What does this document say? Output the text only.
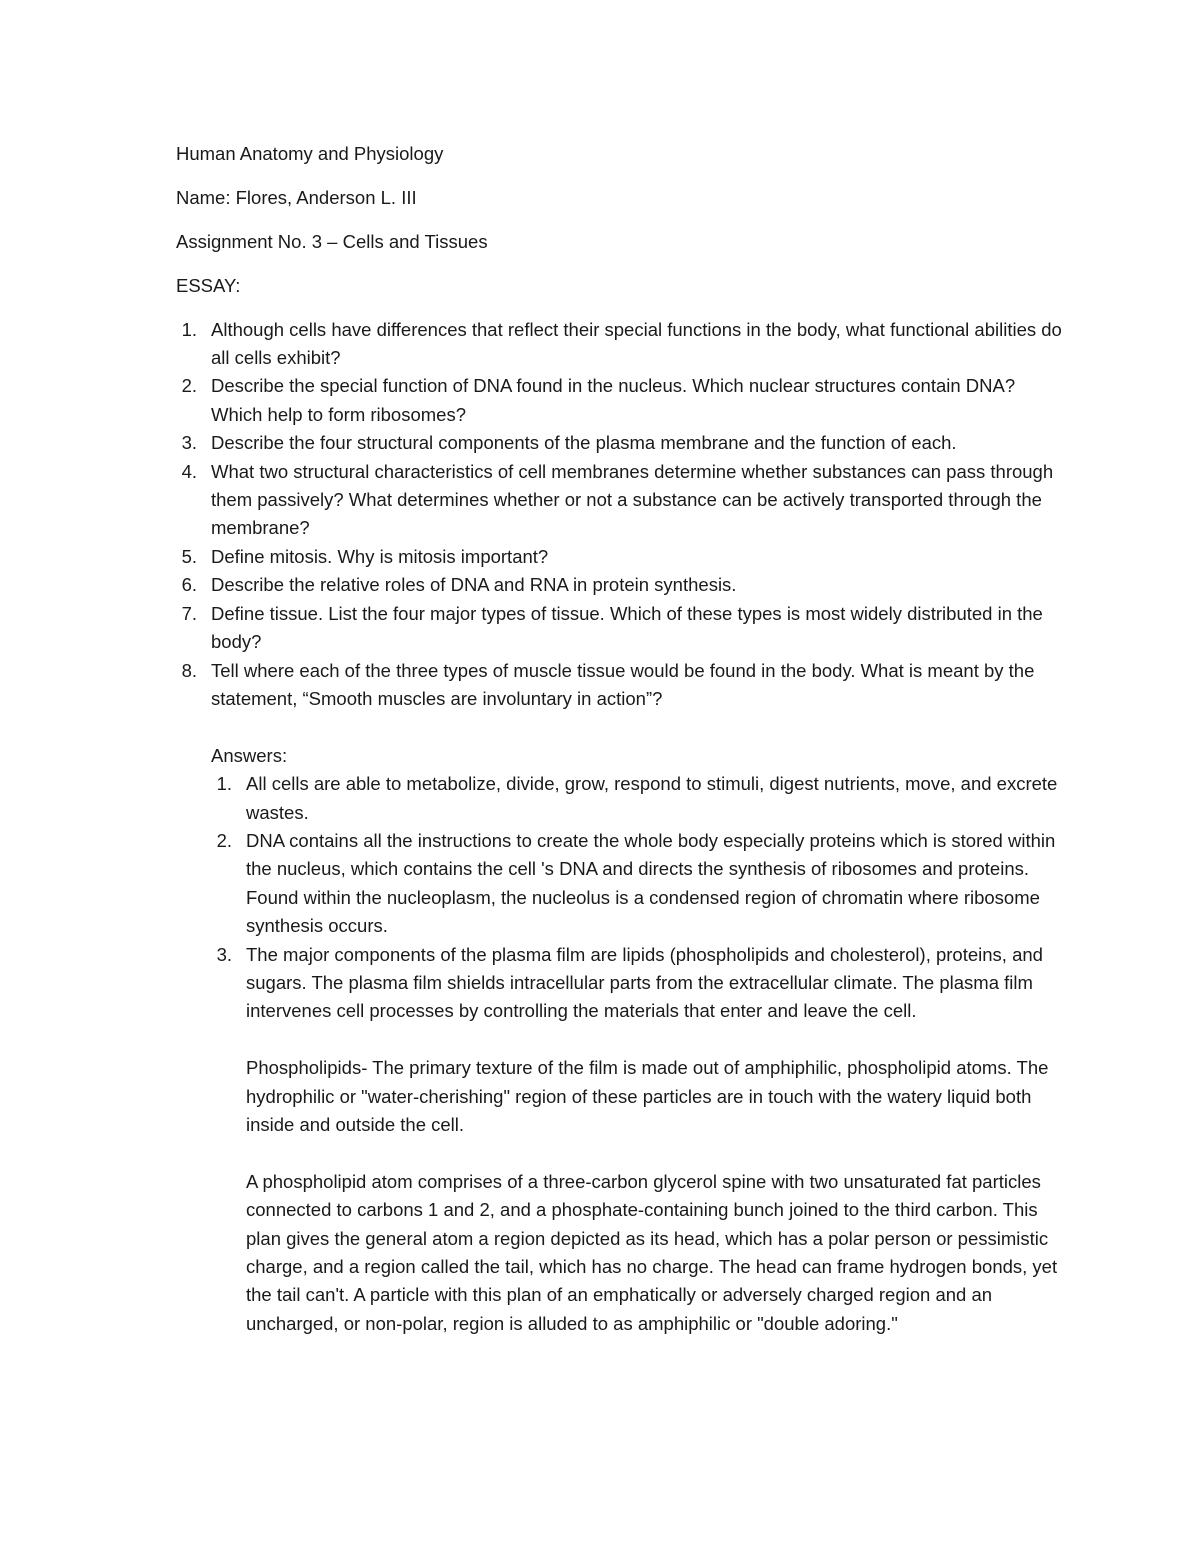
Human Anatomy and Physiology
Name: Flores, Anderson L. III
Assignment No. 3 – Cells and Tissues
ESSAY:
1. Although cells have differences that reflect their special functions in the body, what functional abilities do all cells exhibit?
2. Describe the special function of DNA found in the nucleus. Which nuclear structures contain DNA? Which help to form ribosomes?
3. Describe the four structural components of the plasma membrane and the function of each.
4. What two structural characteristics of cell membranes determine whether substances can pass through them passively? What determines whether or not a substance can be actively transported through the membrane?
5. Define mitosis. Why is mitosis important?
6. Describe the relative roles of DNA and RNA in protein synthesis.
7. Define tissue. List the four major types of tissue. Which of these types is most widely distributed in the body?
8. Tell where each of the three types of muscle tissue would be found in the body. What is meant by the statement, “Smooth muscles are involuntary in action”?
Answers:
1. All cells are able to metabolize, divide, grow, respond to stimuli, digest nutrients, move, and excrete wastes.
2. DNA contains all the instructions to create the whole body especially proteins which is stored within the nucleus, which contains the cell 's DNA and directs the synthesis of ribosomes and proteins. Found within the nucleoplasm, the nucleolus is a condensed region of chromatin where ribosome synthesis occurs.
3. The major components of the plasma film are lipids (phospholipids and cholesterol), proteins, and sugars. The plasma film shields intracellular parts from the extracellular climate. The plasma film intervenes cell processes by controlling the materials that enter and leave the cell.

Phospholipids- The primary texture of the film is made out of amphiphilic, phospholipid atoms. The hydrophilic or "water-cherishing" region of these particles are in touch with the watery liquid both inside and outside the cell.

A phospholipid atom comprises of a three-carbon glycerol spine with two unsaturated fat particles connected to carbons 1 and 2, and a phosphate-containing bunch joined to the third carbon. This plan gives the general atom a region depicted as its head, which has a polar person or pessimistic charge, and a region called the tail, which has no charge. The head can frame hydrogen bonds, yet the tail can't. A particle with this plan of an emphatically or adversely charged region and an uncharged, or non-polar, region is alluded to as amphiphilic or "double adoring."
